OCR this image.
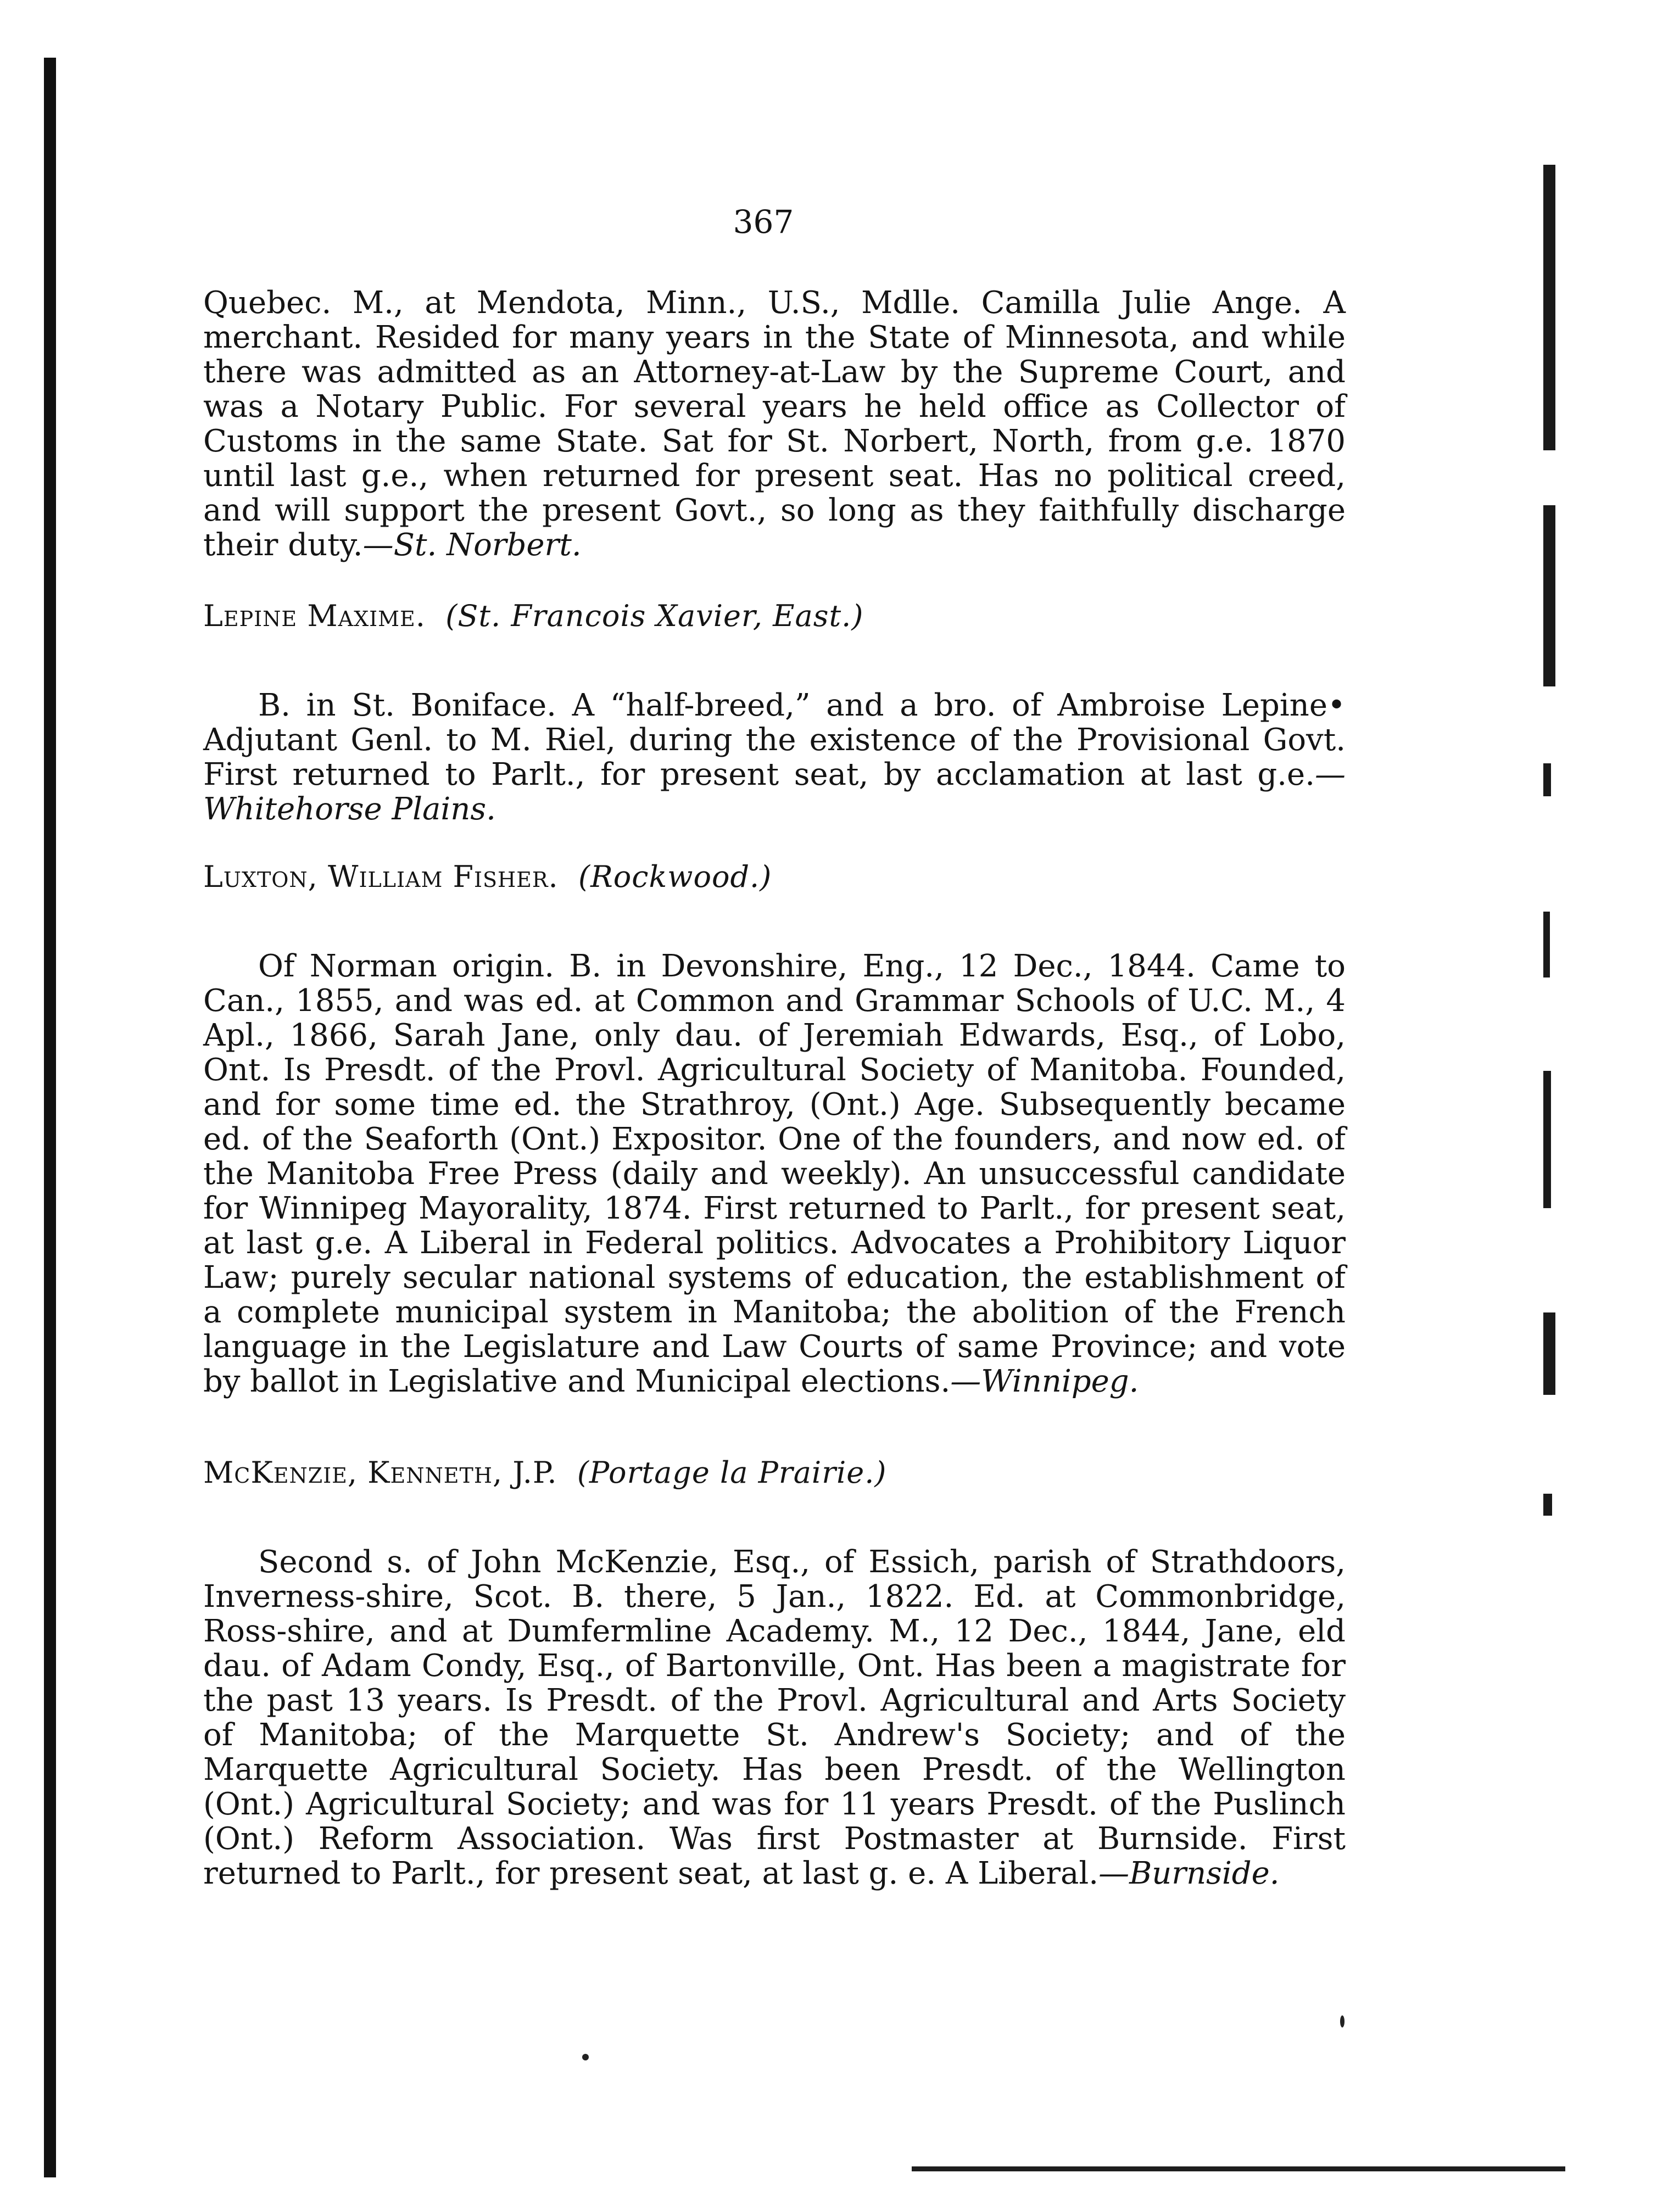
367

Quebec. M., at Mendota, Minn., U.S., Mdlle. Camilla Julie Ange. A merchant. Resided for many years in the State of Minnesota, and while there was admitted as an Attorney-at-Law by the Supreme Court, and was a Notary Public. For several years he held office as Collector of Customs in the same State. Sat for St. Norbert, North, from g.e. 1870 until last g.e., when returned for present seat. Has no political creed, and will support the present Govt., so long as they faithfully discharge their duty.—St. Norbert.

Lepine Maxime. (St. Francois Xavier, East.)

B. in St. Boniface. A “half-breed,” and a bro. of Ambroise Lepine• Adjutant Genl. to M. Riel, during the existence of the Provisional Govt. First returned to Parlt., for present seat, by acclamation at last g.e.—Whitehorse Plains.

Luxton, William Fisher. (Rockwood.)

Of Norman origin. B. in Devonshire, Eng., 12 Dec., 1844. Came to Can., 1855, and was ed. at Common and Grammar Schools of U.C. M., 4 Apl., 1866, Sarah Jane, only dau. of Jeremiah Edwards, Esq., of Lobo, Ont. Is Presdt. of the Provl. Agricultural Society of Manitoba. Founded, and for some time ed. the Strathroy, (Ont.) Age. Subsequently became ed. of the Seaforth (Ont.) Expositor. One of the founders, and now ed. of the Manitoba Free Press (daily and weekly). An unsuccessful candidate for Winnipeg Mayorality, 1874. First returned to Parlt., for present seat, at last g.e. A Liberal in Federal politics. Advocates a Prohibitory Liquor Law; purely secular national systems of education, the establishment of a complete municipal system in Manitoba; the abolition of the French language in the Legislature and Law Courts of same Province; and vote by ballot in Legislative and Municipal elections.—Winnipeg.

McKenzie, Kenneth, J.P. (Portage la Prairie.)

Second s. of John McKenzie, Esq., of Essich, parish of Strathdoors, Inverness-shire, Scot. B. there, 5 Jan., 1822. Ed. at Commonbridge, Ross-shire, and at Dumfermline Academy. M., 12 Dec., 1844, Jane, eld dau. of Adam Condy, Esq., of Bartonville, Ont. Has been a magistrate for the past 13 years. Is Presdt. of the Provl. Agricultural and Arts Society of Manitoba; of the Marquette St. Andrew's Society; and of the Marquette Agricultural Society. Has been Presdt. of the Wellington (Ont.) Agricultural Society; and was for 11 years Presdt. of the Puslinch (Ont.) Reform Association. Was first Postmaster at Burnside. First returned to Parlt., for present seat, at last g. e. A Liberal.—Burnside.
